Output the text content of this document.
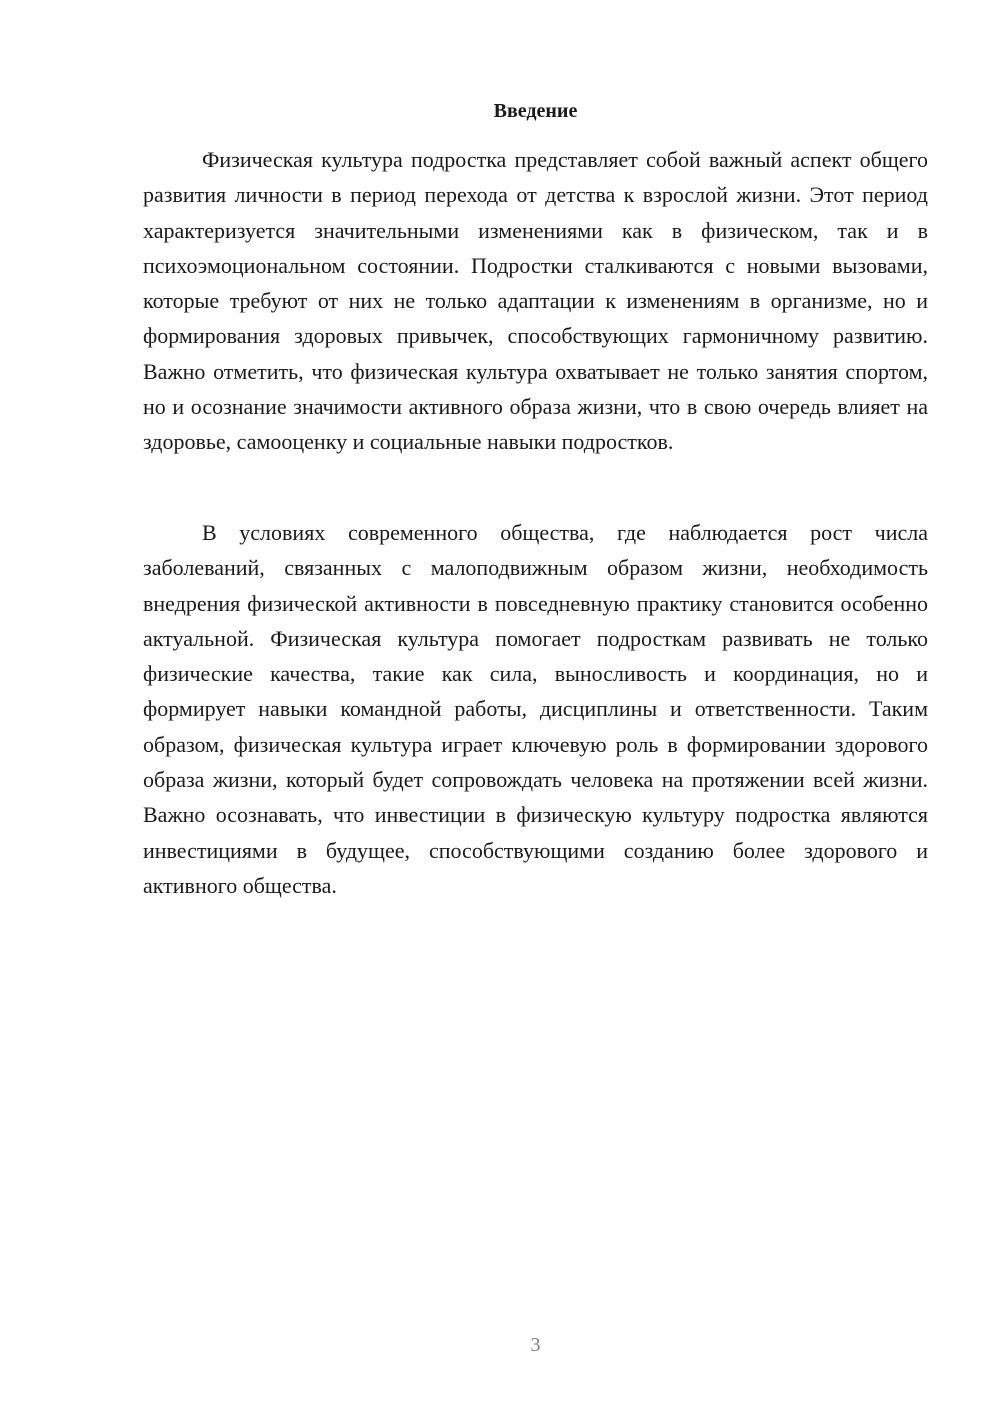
Введение

Физическая культура подростка представляет собой важный аспект общего развития личности в период перехода от детства к взрослой жизни. Этот период характеризуется значительными изменениями как в физическом, так и в психоэмоциональном состоянии. Подростки сталкиваются с новыми вызовами, которые требуют от них не только адаптации к изменениям в организме, но и формирования здоровых привычек, способствующих гармоничному развитию. Важно отметить, что физическая культура охватывает не только занятия спортом, но и осознание значимости активного образа жизни, что в свою очередь влияет на здоровье, самооценку и социальные навыки подростков.

В условиях современного общества, где наблюдается рост числа заболеваний, связанных с малоподвижным образом жизни, необходимость внедрения физической активности в повседневную практику становится особенно актуальной. Физическая культура помогает подросткам развивать не только физические качества, такие как сила, выносливость и координация, но и формирует навыки командной работы, дисциплины и ответственности. Таким образом, физическая культура играет ключевую роль в формировании здорового образа жизни, который будет сопровождать человека на протяжении всей жизни. Важно осознавать, что инвестиции в физическую культуру подростка являются инвестициями в будущее, способствующими созданию более здорового и активного общества.

3
